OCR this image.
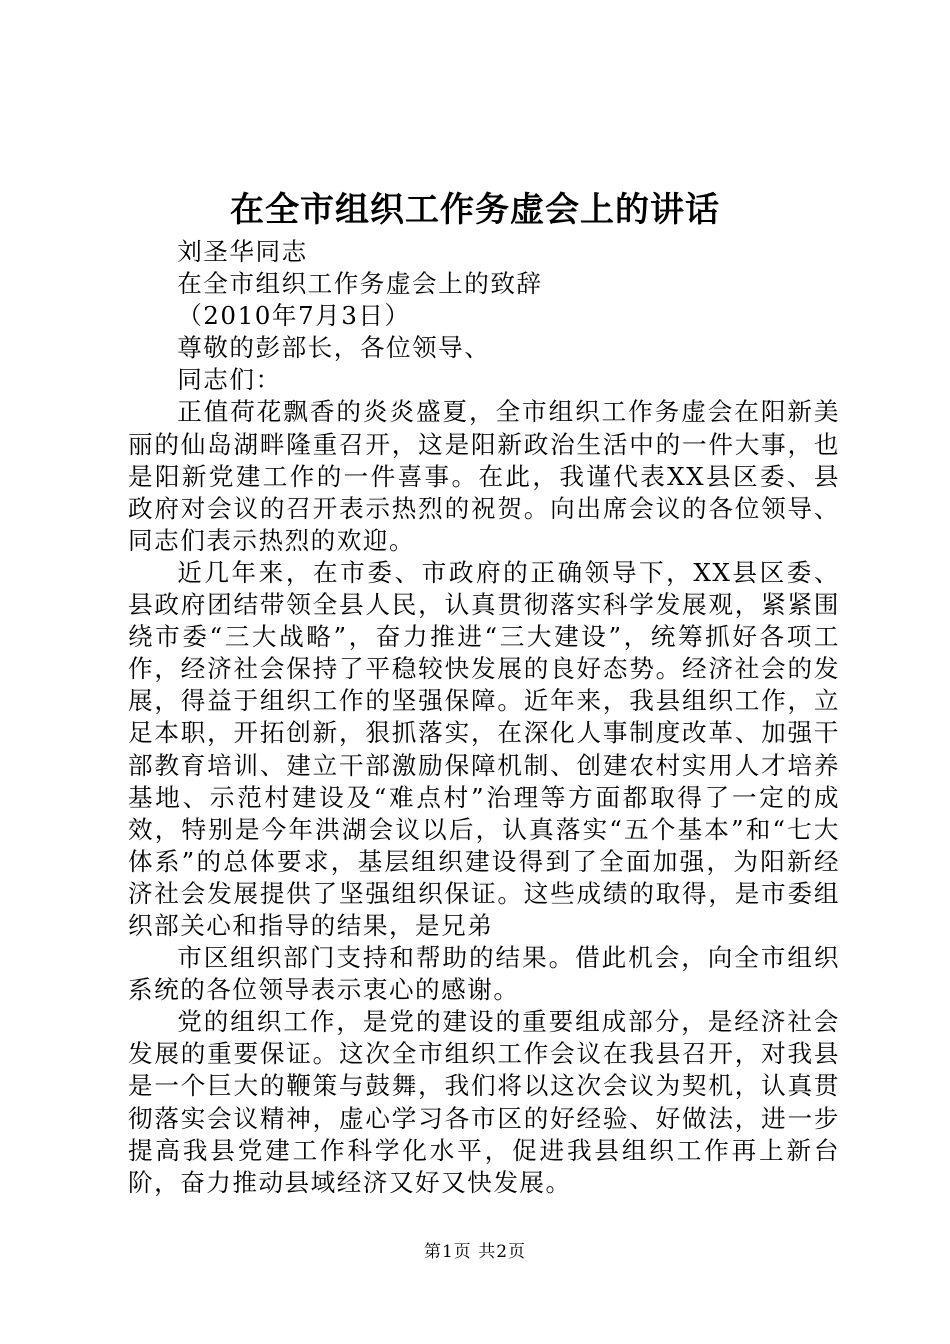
在全市组织工作务虚会上的讲话

刘圣华同志

在全市组织工作务虚会上的致辞

（2010年7月3日）

尊敬的彭部长，各位领导、

同志们：

正值荷花飘香的炎炎盛夏，全市组织工作务虚会在阳新美丽的仙岛湖畔隆重召开，这是阳新政治生活中的一件大事，也是阳新党建工作的一件喜事。在此，我谨代表XX县区委、县政府对会议的召开表示热烈的祝贺。向出席会议的各位领导、同志们表示热烈的欢迎。

近几年来，在市委、市政府的正确领导下，XX县区委、县政府团结带领全县人民，认真贯彻落实科学发展观，紧紧围绕市委“三大战略”，奋力推进“三大建设”，统筹抓好各项工作，经济社会保持了平稳较快发展的良好态势。经济社会的发展，得益于组织工作的坚强保障。近年来，我县组织工作，立足本职，开拓创新，狠抓落实，在深化人事制度改革、加强干部教育培训、建立干部激励保障机制、创建农村实用人才培养基地、示范村建设及“难点村”治理等方面都取得了一定的成效，特别是今年洪湖会议以后，认真落实“五个基本”和“七大体系”的总体要求，基层组织建设得到了全面加强，为阳新经济社会发展提供了坚强组织保证。这些成绩的取得，是市委组织部关心和指导的结果，是兄弟

市区组织部门支持和帮助的结果。借此机会，向全市组织系统的各位领导表示衷心的感谢。

党的组织工作，是党的建设的重要组成部分，是经济社会发展的重要保证。这次全市组织工作会议在我县召开，对我县是一个巨大的鞭策与鼓舞，我们将以这次会议为契机，认真贯彻落实会议精神，虚心学习各市区的好经验、好做法，进一步提高我县党建工作科学化水平，促进我县组织工作再上新台阶，奋力推动县域经济又好又快发展。

第1页 共2页
